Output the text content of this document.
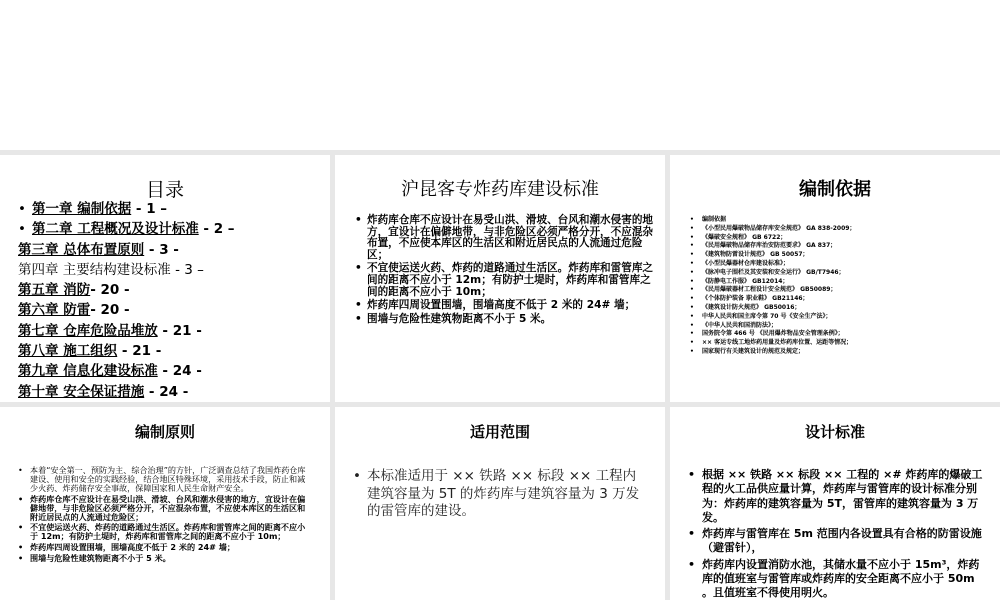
目录
• 第一章 编制依据 - 1 –
• 第二章 工程概况及设计标准 - 2 –
第三章 总体布置原则 - 3 -
第四章 主要结构建设标准 - 3 –
第五章 消防- 20 -
第六章 防雷- 20 -
第七章 仓库危险品堆放 - 21 -
第八章 施工组织 - 21 -
第九章 信息化建设标准 - 24 -
第十章 安全保证措施 - 24 -
沪昆客专炸药库建设标准
• 炸药库仓库不应设计在易受山洪、滑坡、台风和潮水侵害的地方，宜设计在偏僻地带，与非危险区必须严格分开，不应混杂布置，不应使本库区的生活区和附近居民点的人流通过危险区；
• 不宜使运送火药、炸药的道路通过生活区。炸药库和雷管库之间的距离不应小于 12m；有防护土堤时，炸药库和雷管库之间的距离不应小于 10m；
• 炸药库四周设置围墙，围墙高度不低于 2 米的 24# 墙；
• 围墙与危险性建筑物距离不小于 5 米。
编制依据
• 编制依据
• 《小型民用爆破物品储存库安全规范》 GA 838-2009；
• 《爆破安全规程》 GB 6722；
• 《民用爆破物品储存库治安防范要求》 GA 837；
• 《建筑物防雷设计规范》 GB 50057；
• 《小型民爆器材仓库建设标准》；
• 《脉冲电子围栏及其安装和安全运行》 GB/T7946；
• 《防静电工作服》 GB12014；
• 《民用爆破器材工程设计安全规范》 GB50089；
• 《个体防护装备 职业鞋》 GB21146；
• 《建筑设计防火规范》 GB50016；
• 中华人民共和国主席令第 70 号《安全生产法》；
• 《中华人民共和国消防法》；
• 国务院令第 466 号 《民用爆炸物品安全管理条例》；
• ×× 客运专线工地炸药用量及炸药库位置、运距等情况；
• 国家现行有关建筑设计的规范及规定；
编制原则
• 本着“安全第一、预防为主、综合治理”的方针，广泛调查总结了我国炸药仓库建设、使用和安全的实践经验，结合地区特殊环境，采用技术手段，防止和减少火药、炸药储存安全事故，保障国家和人民生命财产安全。
• 炸药库仓库不应设计在易受山洪、滑坡、台风和潮水侵害的地方，宜设计在偏僻地带，与非危险区必须严格分开，不应混杂布置，不应使本库区的生活区和附近居民点的人流通过危险区；
• 不宜使运送火药、炸药的道路通过生活区。炸药库和雷管库之间的距离不应小于 12m；有防护土堤时，炸药库和雷管库之间的距离不应小于 10m；
• 炸药库四周设置围墙，围墙高度不低于 2 米的 24# 墙；
• 围墙与危险性建筑物距离不小于 5 米。
适用范围
• 本标准适用于 ×× 铁路 ×× 标段 ×× 工程内建筑容量为 5T 的炸药库与建筑容量为 3 万发的雷管库的建设。
设计标准
• 根据 ×× 铁路 ×× 标段 ×× 工程的 ×# 炸药库的爆破工程的火工品供应量计算，炸药库与雷管库的设计标准分别为：炸药库的建筑容量为 5T，雷管库的建筑容量为 3 万发。
• 炸药库与雷管库在 5m 范围内各设置具有合格的防雷设施（避雷针），
• 炸药库内设置消防水池，其储水量不应小于 15m³，炸药库的值班室与雷管库或炸药库的安全距离不应小于 50m 。且值班室不得使用明火。
